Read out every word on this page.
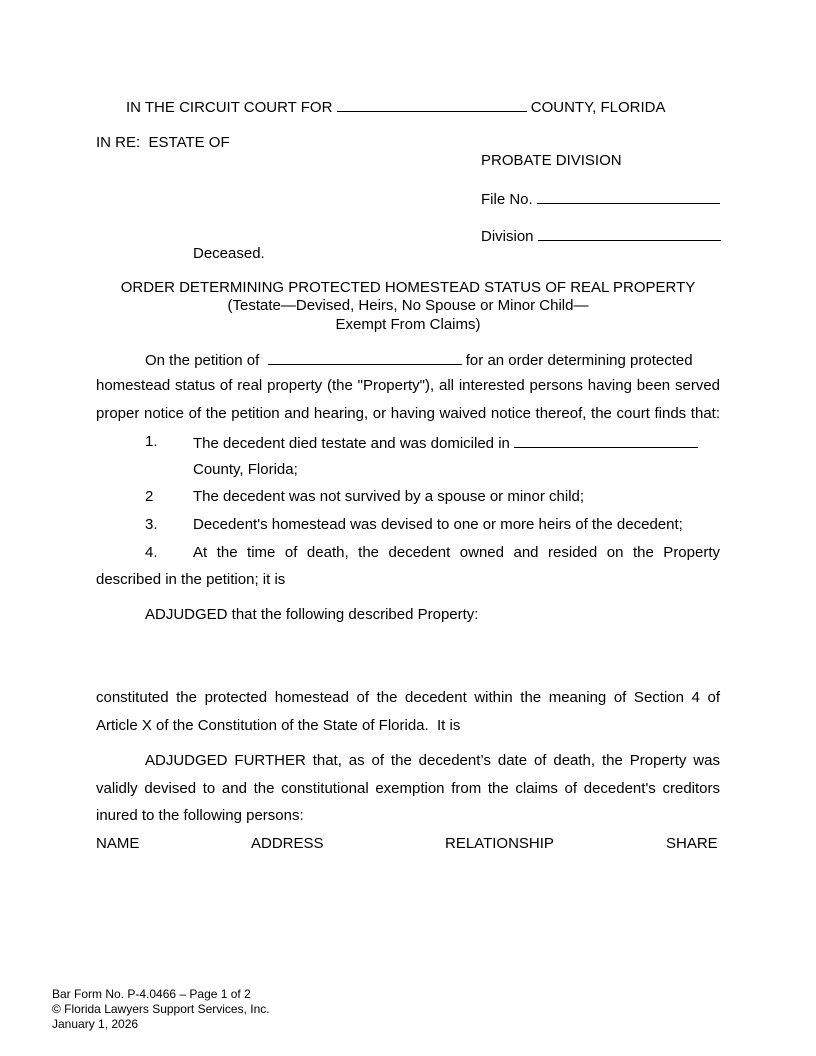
IN THE CIRCUIT COURT FOR	COUNTY, FLORIDA
IN RE:  ESTATE OF
PROBATE DIVISION
File No.
Division
Deceased.
ORDER DETERMINING PROTECTED HOMESTEAD STATUS OF REAL PROPERTY
(Testate—Devised, Heirs, No Spouse or Minor Child—
Exempt From Claims)
On the petition of	for an order determining protected
homestead status of real property (the "Property"), all interested persons having been served
proper notice of the petition and hearing, or having waived notice thereof, the court finds that:
1. The decedent died testate and was domiciled in
County, Florida;
2	The decedent was not survived by a spouse or minor child;
3. Decedent's homestead was devised to one or more heirs of the decedent;
4. At the time of death, the decedent owned and resided on the Property
described in the petition; it is
ADJUDGED that the following described Property:
constituted the protected homestead of the decedent within the meaning of Section 4 of
Article X of the Constitution of the State of Florida.  It is
ADJUDGED FURTHER that, as of the decedent’s date of death, the Property was
validly devised to and the constitutional exemption from the claims of decedent's creditors
inured to the following persons:
NAME	ADDRESS	RELATIONSHIP	SHARE
Bar Form No. P-4.0466 – Page 1 of 2
© Florida Lawyers Support Services, Inc.
January 1, 2026
